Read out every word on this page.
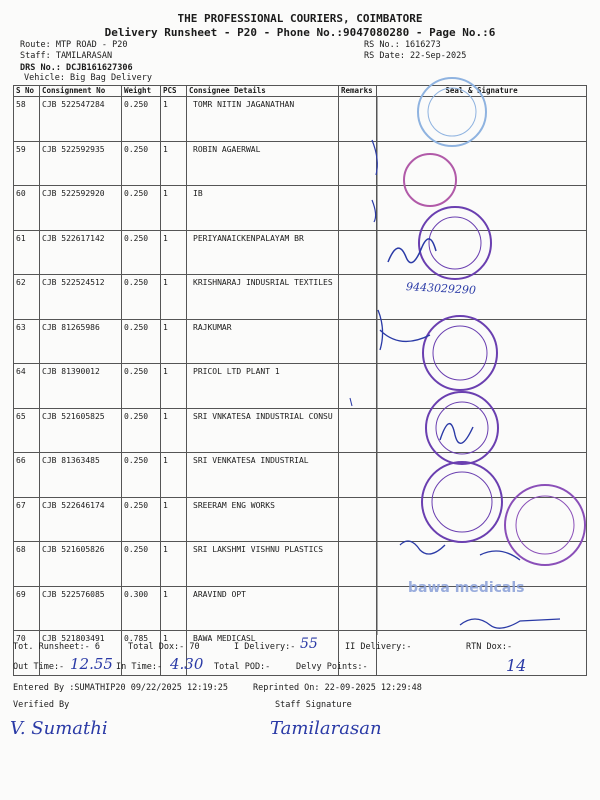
THE PROFESSIONAL COURIERS, COIMBATORE
Delivery Runsheet - P20 - Phone No.:9047080280 - Page No.:6
Route: MTP ROAD - P20
Staff: TAMILARASAN
DRS No.: DCJB161627306
Vehicle: Big Bag Delivery
RS No.: 1616273
RS Date: 22-Sep-2025
S No	Consignment No	Weight	PCS	Consignee Details	Remarks	Seal & Signature
58	CJB 522547284	0.250	1	TOMR NITIN JAGANATHAN		
59	CJB 522592935	0.250	1	ROBIN AGAERWAL		
60	CJB 522592920	0.250	1	IB		
61	CJB 522617142	0.250	1	PERIYANAICKENPALAYAM BR		
62	CJB 522524512	0.250	1	KRISHNARAJ INDUSRIAL TEXTILES		
63	CJB 81265986	0.250	1	RAJKUMAR		
64	CJB 81390012	0.250	1	PRICOL LTD PLANT 1		
65	CJB 521605825	0.250	1	SRI VNKATESA INDUSTRIAL CONSU		
66	CJB 81363485	0.250	1	SRI VENKATESA INDUSTRIAL		
67	CJB 522646174	0.250	1	SREERAM ENG WORKS		
68	CJB 521605826	0.250	1	SRI LAKSHMI VISHNU PLASTICS		
69	CJB 522576085	0.300	1	ARAVIND OPT		
70	CJB 521803491	0.785	1	BAWA MEDICASL		
9443029290
bawa medicals
Tot. Runsheet:- 6	Total Dox:- 70	I Delivery:- 55	II Delivery:-	RTN Dox:-
Out Time:- 12.55 In Time:- 4.30 Total POD:-	Delvy Points:-	14
Entered By :SUMATHIP20 09/22/2025 12:19:25	Reprinted On: 22-09-2025 12:29:48
Verified By	Staff Signature
V. Sumathi	Tamilarasan
